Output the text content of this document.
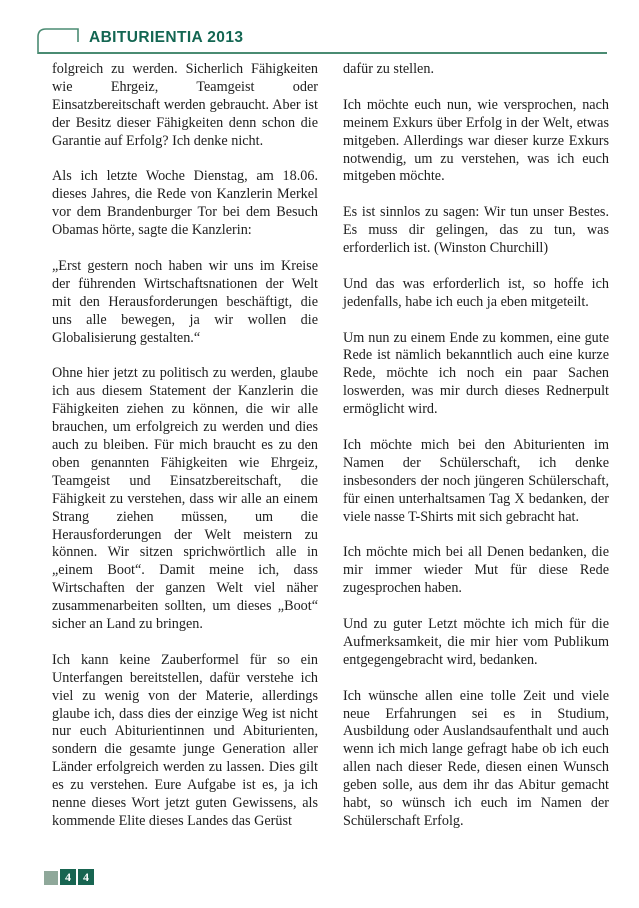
ABITURIENTIA 2013

folgreich zu werden. Sicherlich Fähigkeiten wie Ehrgeiz, Teamgeist oder Einsatzbereitschaft werden gebraucht. Aber ist der Besitz dieser Fähigkeiten denn schon die Garantie auf Erfolg? Ich denke nicht.

Als ich letzte Woche Dienstag, am 18.06. dieses Jahres, die Rede von Kanzlerin Merkel vor dem Brandenburger Tor bei dem Besuch Obamas hörte, sagte die Kanzlerin:

„Erst gestern noch haben wir uns im Kreise der führenden Wirtschaftsnationen der Welt mit den Herausforderungen beschäftigt, die uns alle bewegen, ja wir wollen die Globalisierung gestalten.“

Ohne hier jetzt zu politisch zu werden, glaube ich aus diesem Statement der Kanzlerin die Fähigkeiten ziehen zu können, die wir alle brauchen, um erfolgreich zu werden und dies auch zu bleiben. Für mich braucht es zu den oben genannten Fähigkeiten wie Ehrgeiz, Teamgeist und Einsatzbereitschaft, die Fähigkeit zu verstehen, dass wir alle an einem Strang ziehen müssen, um die Herausforderungen der Welt meistern zu können. Wir sitzen sprichwörtlich alle in „einem Boot“. Damit meine ich, dass Wirtschaften der ganzen Welt viel näher zusammenarbeiten sollten, um dieses „Boot“ sicher an Land zu bringen.

Ich kann keine Zauberformel für so ein Unterfangen bereitstellen, dafür verstehe ich viel zu wenig von der Materie, allerdings glaube ich, dass dies der einzige Weg ist nicht nur euch Abiturientinnen und Abiturienten, sondern die gesamte junge Generation aller Länder erfolgreich werden zu lassen. Dies gilt es zu verstehen. Eure Aufgabe ist es, ja ich nenne dieses Wort jetzt guten Gewissens, als kommende Elite dieses Landes das Gerüst

dafür zu stellen.

Ich möchte euch nun, wie versprochen, nach meinem Exkurs über Erfolg in der Welt, etwas mitgeben. Allerdings war dieser kurze Exkurs notwendig, um zu verstehen, was ich euch mitgeben möchte.

Es ist sinnlos zu sagen: Wir tun unser Bestes. Es muss dir gelingen, das zu tun, was erforderlich ist. (Winston Churchill)

Und das was erforderlich ist, so hoffe ich jedenfalls, habe ich euch ja eben mitgeteilt.

Um nun zu einem Ende zu kommen, eine gute Rede ist nämlich bekanntlich auch eine kurze Rede, möchte ich noch ein paar Sachen loswerden, was mir durch dieses Rednerpult ermöglicht wird.

Ich möchte mich bei den Abiturienten im Namen der Schülerschaft, ich denke insbesonders der noch jüngeren Schülerschaft, für einen unterhaltsamen Tag X bedanken, der viele nasse T-Shirts mit sich gebracht hat.

Ich möchte mich bei all Denen bedanken, die mir immer wieder Mut für diese Rede zugesprochen haben.

Und zu guter Letzt möchte ich mich für die Aufmerksamkeit, die mir hier vom Publikum entgegengebracht wird, bedanken.

Ich wünsche allen eine tolle Zeit und viele neue Erfahrungen sei es in Studium, Ausbildung oder Auslandsaufenthalt und auch wenn ich mich lange gefragt habe ob ich euch allen nach dieser Rede, diesen einen Wunsch geben solle, aus dem ihr das Abitur gemacht habt, so wünsch ich euch im Namen der Schülerschaft Erfolg.

4	4
